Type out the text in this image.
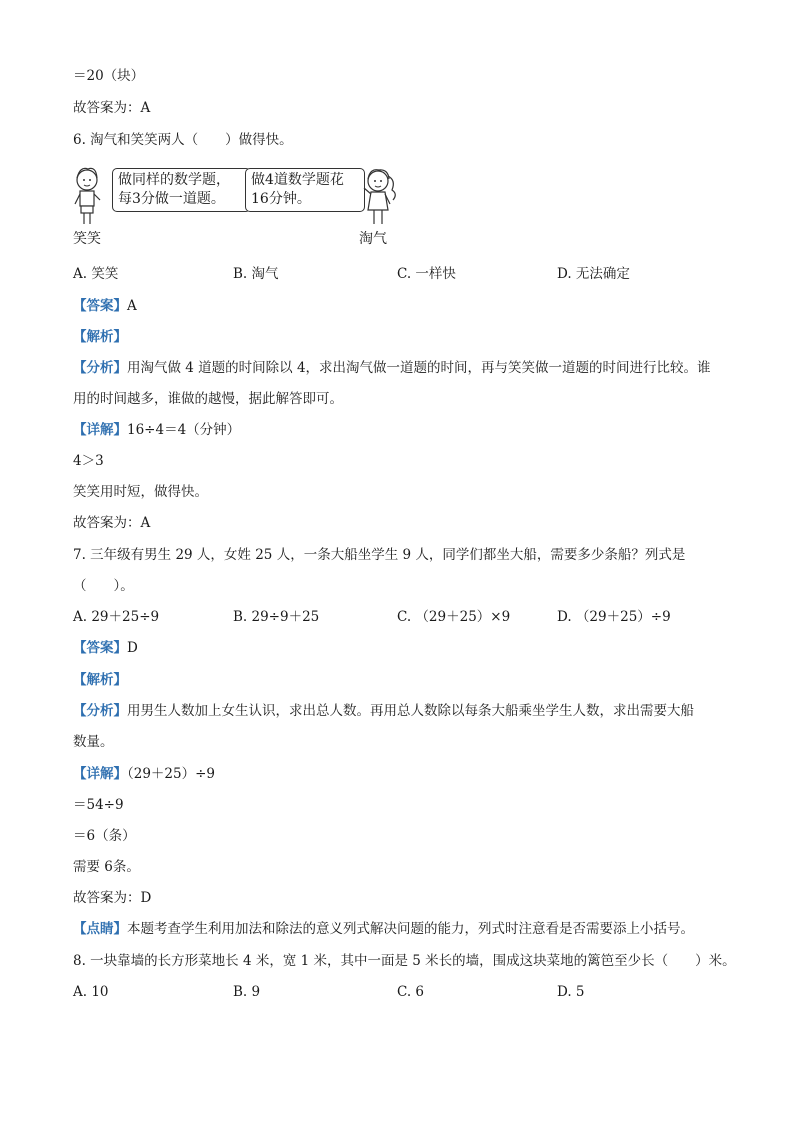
＝20（块）
故答案为：A
6. 淘气和笑笑两人（　　）做得快。
做同样的数学题，
每3分做一道题。
做4道数学题花
16分钟。
笑笑	淘气
A. 笑笑	B. 淘气	C. 一样快	D. 无法确定
【答案】A
【解析】
【分析】用淘气做 4 道题的时间除以 4，求出淘气做一道题的时间，再与笑笑做一道题的时间进行比较。谁
用的时间越多，谁做的越慢，据此解答即可。
【详解】16÷4＝4（分钟）
4＞3
笑笑用时短，做得快。
故答案为：A
7. 三年级有男生 29 人，女姓 25 人，一条大船坐学生 9 人，同学们都坐大船，需要多少条船？列式是
（　　）。
A. 29＋25÷9	B. 29÷9＋25	C. （29＋25）×9	D. （29＋25）÷9
【答案】D
【解析】
【分析】用男生人数加上女生认识，求出总人数。再用总人数除以每条大船乘坐学生人数，求出需要大船
数量。
【详解】（29＋25）÷9
＝54÷9
＝6（条）
需要 6条。
故答案为：D
【点睛】本题考查学生利用加法和除法的意义列式解决问题的能力，列式时注意看是否需要添上小括号。
8. 一块靠墙的长方形菜地长 4 米，宽 1 米，其中一面是 5 米长的墙，围成这块菜地的篱笆至少长（　　）米。
A. 10	B. 9	C. 6	D. 5
